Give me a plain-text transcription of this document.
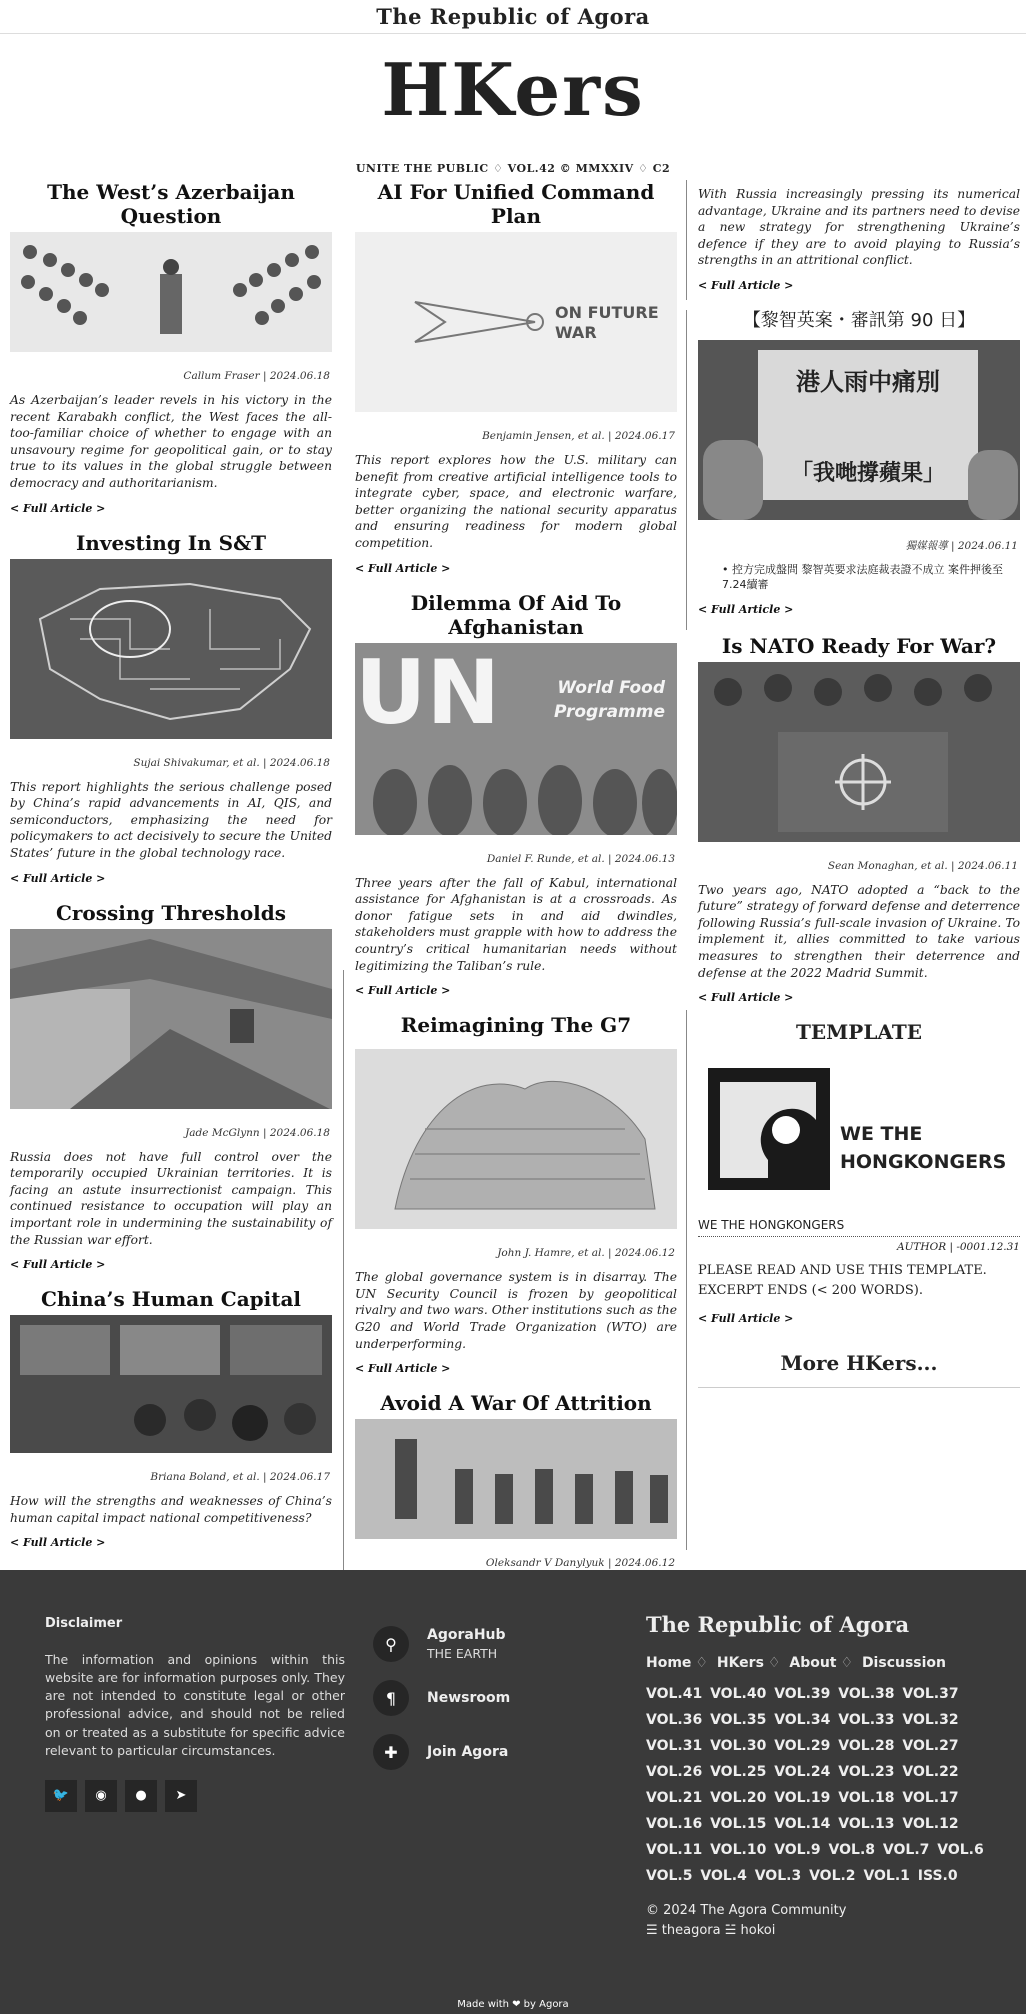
The Republic of Agora
HKers
UNITE THE PUBLIC ♢ VOL.42 © MMXXIV ♢ C2
The West’s Azerbaijan Question
Callum Fraser | 2024.06.18
As Azerbaijan’s leader revels in his victory in the recent Karabakh conflict, the West faces the all-too-familiar choice of whether to engage with an unsavoury regime for geopolitical gain, or to stay true to its values in the global struggle between democracy and authoritarianism.
< Full Article >
Investing In S&T
Sujai Shivakumar, et al. | 2024.06.18
This report highlights the serious challenge posed by China’s rapid advancements in AI, QIS, and semiconductors, emphasizing the need for policymakers to act decisively to secure the United States’ future in the global technology race.
< Full Article >
Crossing Thresholds
Jade McGlynn | 2024.06.18
Russia does not have full control over the temporarily occupied Ukrainian territories. It is facing an astute insurrectionist campaign. This continued resistance to occupation will play an important role in undermining the sustainability of the Russian war effort.
< Full Article >
China’s Human Capital
Briana Boland, et al. | 2024.06.17
How will the strengths and weaknesses of China’s human capital impact national competitiveness?
< Full Article >
AI For Unified Command Plan
ON FUTURE
WAR
Benjamin Jensen, et al. | 2024.06.17
This report explores how the U.S. military can benefit from creative artificial intelligence tools to integrate cyber, space, and electronic warfare, better organizing the national security apparatus and ensuring readiness for modern global competition.
< Full Article >
Dilemma Of Aid To Afghanistan
UN	World Food
Programme
Daniel F. Runde, et al. | 2024.06.13
Three years after the fall of Kabul, international assistance for Afghanistan is at a crossroads. As donor fatigue sets in and aid dwindles, stakeholders must grapple with how to address the country’s critical humanitarian needs without legitimizing the Taliban’s rule.
< Full Article >
Reimagining The G7
John J. Hamre, et al. | 2024.06.12
The global governance system is in disarray. The UN Security Council is frozen by geopolitical rivalry and two wars. Other institutions such as the G20 and World Trade Organization (WTO) are underperforming.
< Full Article >
Avoid A War Of Attrition
Oleksandr V Danylyuk | 2024.06.12
With Russia increasingly pressing its numerical advantage, Ukraine and its partners need to devise a new strategy for strengthening Ukraine’s defence if they are to avoid playing to Russia’s strengths in an attritional conflict.
< Full Article >
【黎智英案・審訊第 90 日】
港人雨中痛別
「我哋撐蘋果」
獨媒報導 | 2024.06.11
• 控方完成盤問 黎智英要求法庭裁表證不成立 案件押後至7.24續審
< Full Article >
Is NATO Ready For War?
Sean Monaghan, et al. | 2024.06.11
Two years ago, NATO adopted a “back to the future” strategy of forward defense and deterrence following Russia’s full-scale invasion of Ukraine. To implement it, allies committed to take various measures to strengthen their deterrence and defense at the 2022 Madrid Summit.
< Full Article >
TEMPLATE
WE THE
HONGKONGERS
WE THE HONGKONGERS
AUTHOR | -0001.12.31
PLEASE READ AND USE THIS TEMPLATE.
EXCERPT ENDS (< 200 WORDS).
< Full Article >
More HKers...
Disclaimer

The information and opinions within this website are for information purposes only. They are not intended to constitute legal or other professional advice, and should not be relied on or treated as a substitute for specific advice relevant to particular circumstances.

🐦	◉	●	➤
⚲	AgoraHub
THE EARTH
¶	Newsroom
✚	Join Agora
The Republic of Agora
Home ♢ HKers ♢ About ♢ Discussion
VOL.41 VOL.40 VOL.39 VOL.38 VOL.37 VOL.36 VOL.35 VOL.34 VOL.33 VOL.32 VOL.31 VOL.30 VOL.29 VOL.28 VOL.27 VOL.26 VOL.25 VOL.24 VOL.23 VOL.22 VOL.21 VOL.20 VOL.19 VOL.18 VOL.17 VOL.16 VOL.15 VOL.14 VOL.13 VOL.12 VOL.11 VOL.10 VOL.9 VOL.8 VOL.7 VOL.6 VOL.5 VOL.4 VOL.3 VOL.2 VOL.1 ISS.0
© 2024 The Agora Community
☰ theagora ☱ hokoi
Made with ❤ by Agora
